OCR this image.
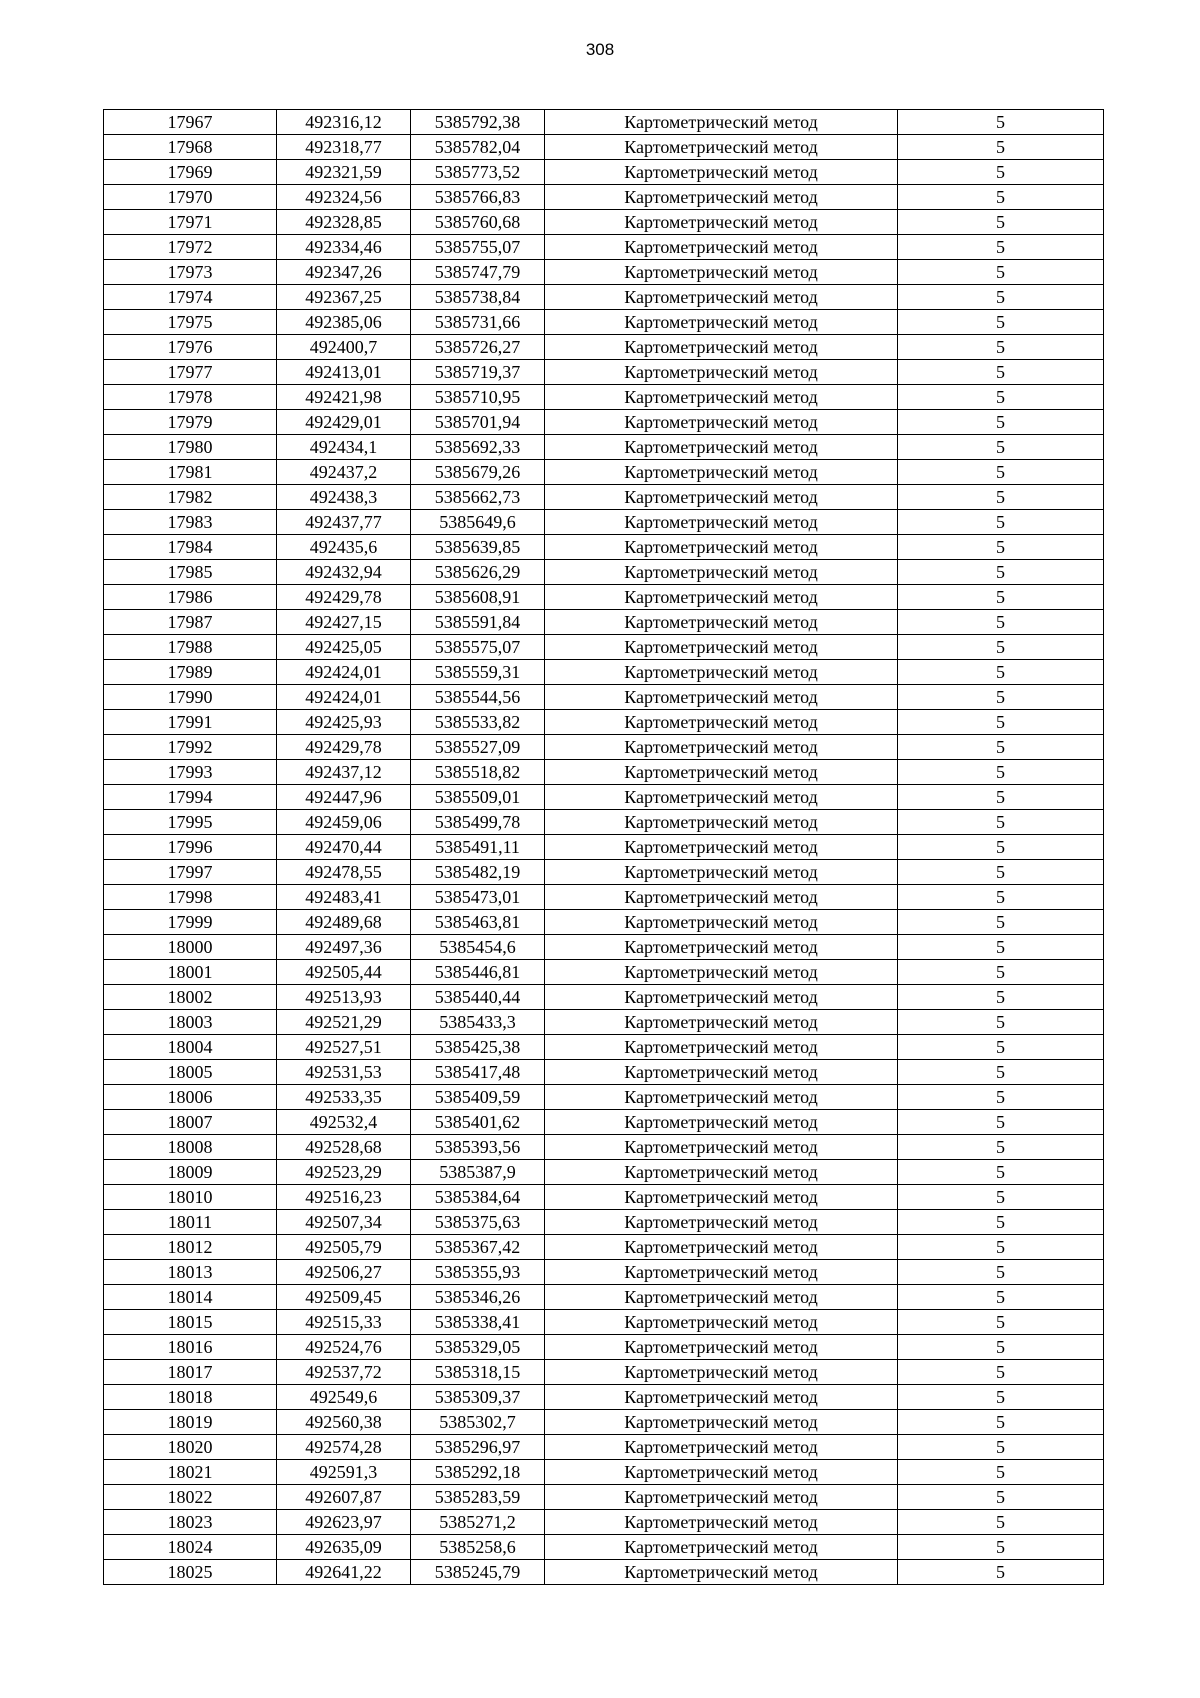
308
17967	492316,12	5385792,38	Картометрический метод	5
17968	492318,77	5385782,04	Картометрический метод	5
17969	492321,59	5385773,52	Картометрический метод	5
17970	492324,56	5385766,83	Картометрический метод	5
17971	492328,85	5385760,68	Картометрический метод	5
17972	492334,46	5385755,07	Картометрический метод	5
17973	492347,26	5385747,79	Картометрический метод	5
17974	492367,25	5385738,84	Картометрический метод	5
17975	492385,06	5385731,66	Картометрический метод	5
17976	492400,7	5385726,27	Картометрический метод	5
17977	492413,01	5385719,37	Картометрический метод	5
17978	492421,98	5385710,95	Картометрический метод	5
17979	492429,01	5385701,94	Картометрический метод	5
17980	492434,1	5385692,33	Картометрический метод	5
17981	492437,2	5385679,26	Картометрический метод	5
17982	492438,3	5385662,73	Картометрический метод	5
17983	492437,77	5385649,6	Картометрический метод	5
17984	492435,6	5385639,85	Картометрический метод	5
17985	492432,94	5385626,29	Картометрический метод	5
17986	492429,78	5385608,91	Картометрический метод	5
17987	492427,15	5385591,84	Картометрический метод	5
17988	492425,05	5385575,07	Картометрический метод	5
17989	492424,01	5385559,31	Картометрический метод	5
17990	492424,01	5385544,56	Картометрический метод	5
17991	492425,93	5385533,82	Картометрический метод	5
17992	492429,78	5385527,09	Картометрический метод	5
17993	492437,12	5385518,82	Картометрический метод	5
17994	492447,96	5385509,01	Картометрический метод	5
17995	492459,06	5385499,78	Картометрический метод	5
17996	492470,44	5385491,11	Картометрический метод	5
17997	492478,55	5385482,19	Картометрический метод	5
17998	492483,41	5385473,01	Картометрический метод	5
17999	492489,68	5385463,81	Картометрический метод	5
18000	492497,36	5385454,6	Картометрический метод	5
18001	492505,44	5385446,81	Картометрический метод	5
18002	492513,93	5385440,44	Картометрический метод	5
18003	492521,29	5385433,3	Картометрический метод	5
18004	492527,51	5385425,38	Картометрический метод	5
18005	492531,53	5385417,48	Картометрический метод	5
18006	492533,35	5385409,59	Картометрический метод	5
18007	492532,4	5385401,62	Картометрический метод	5
18008	492528,68	5385393,56	Картометрический метод	5
18009	492523,29	5385387,9	Картометрический метод	5
18010	492516,23	5385384,64	Картометрический метод	5
18011	492507,34	5385375,63	Картометрический метод	5
18012	492505,79	5385367,42	Картометрический метод	5
18013	492506,27	5385355,93	Картометрический метод	5
18014	492509,45	5385346,26	Картометрический метод	5
18015	492515,33	5385338,41	Картометрический метод	5
18016	492524,76	5385329,05	Картометрический метод	5
18017	492537,72	5385318,15	Картометрический метод	5
18018	492549,6	5385309,37	Картометрический метод	5
18019	492560,38	5385302,7	Картометрический метод	5
18020	492574,28	5385296,97	Картометрический метод	5
18021	492591,3	5385292,18	Картометрический метод	5
18022	492607,87	5385283,59	Картометрический метод	5
18023	492623,97	5385271,2	Картометрический метод	5
18024	492635,09	5385258,6	Картометрический метод	5
18025	492641,22	5385245,79	Картометрический метод	5
